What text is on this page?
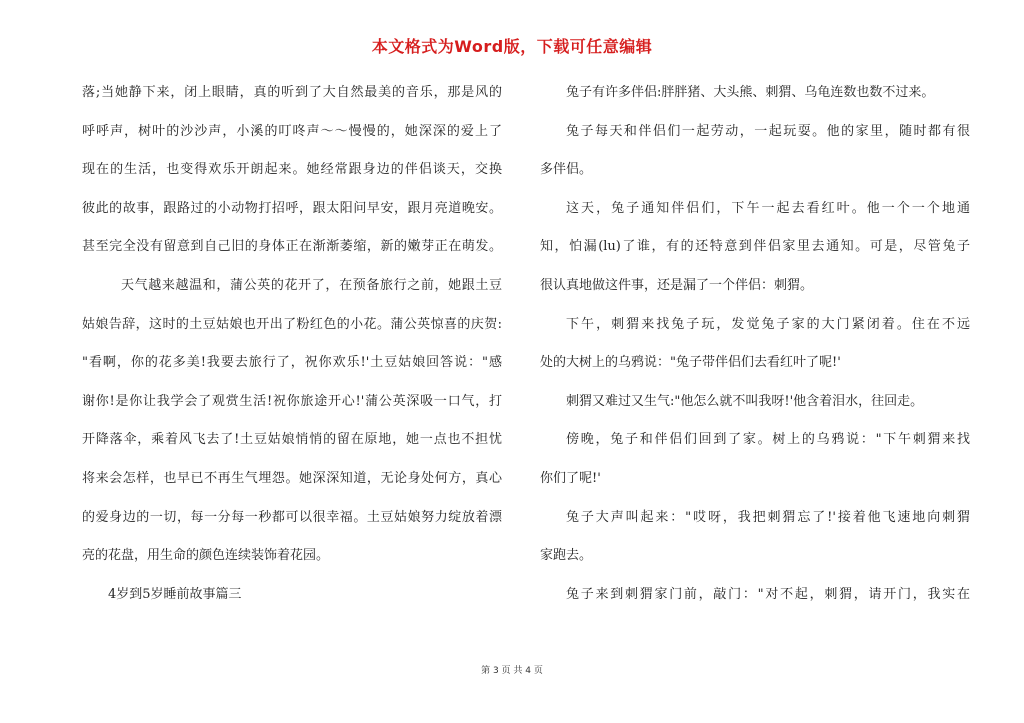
本文格式为Word版，下载可任意编辑
落;当她静下来，闭上眼睛，真的听到了大自然最美的音乐，那是风的
呼呼声，树叶的沙沙声，小溪的叮咚声～～慢慢的，她深深的爱上了
现在的生活，也变得欢乐开朗起来。她经常跟身边的伴侣谈天，交换
彼此的故事，跟路过的小动物打招呼，跟太阳问早安，跟月亮道晚安。
甚至完全没有留意到自己旧的身体正在渐渐萎缩，新的嫩芽正在萌发。
天气越来越温和，蒲公英的花开了，在预备旅行之前，她跟土豆
姑娘告辞，这时的土豆姑娘也开出了粉红色的小花。蒲公英惊喜的庆贺:
"看啊，你的花多美!我要去旅行了，祝你欢乐!'土豆姑娘回答说："感
谢你!是你让我学会了观赏生活!祝你旅途开心!'蒲公英深吸一口气，打
开降落伞，乘着风飞去了!土豆姑娘悄悄的留在原地，她一点也不担忧
将来会怎样，也早已不再生气埋怨。她深深知道，无论身处何方，真心
的爱身边的一切，每一分每一秒都可以很幸福。土豆姑娘努力绽放着漂
亮的花盘，用生命的颜色连续装饰着花园。
4岁到5岁睡前故事篇三
兔子有许多伴侣:胖胖猪、大头熊、刺猬、乌龟连数也数不过来。
兔子每天和伴侣们一起劳动，一起玩耍。他的家里，随时都有很
多伴侣。
这天，兔子通知伴侣们，下午一起去看红叶。他一个一个地通
知，怕漏(lu)了谁，有的还特意到伴侣家里去通知。可是，尽管兔子
很认真地做这件事，还是漏了一个伴侣：刺猬。
下午，刺猬来找兔子玩，发觉兔子家的大门紧闭着。住在不远
处的大树上的乌鸦说："兔子带伴侣们去看红叶了呢!'
刺猬又难过又生气:"他怎么就不叫我呀!'他含着泪水，往回走。
傍晚，兔子和伴侣们回到了家。树上的乌鸦说："下午刺猬来找
你们了呢!'
兔子大声叫起来："哎呀，我把刺猬忘了!'接着他飞速地向刺猬
家跑去。
兔子来到刺猬家门前，敲门："对不起，刺猬，请开门，我实在
第 3 页 共 4 页
